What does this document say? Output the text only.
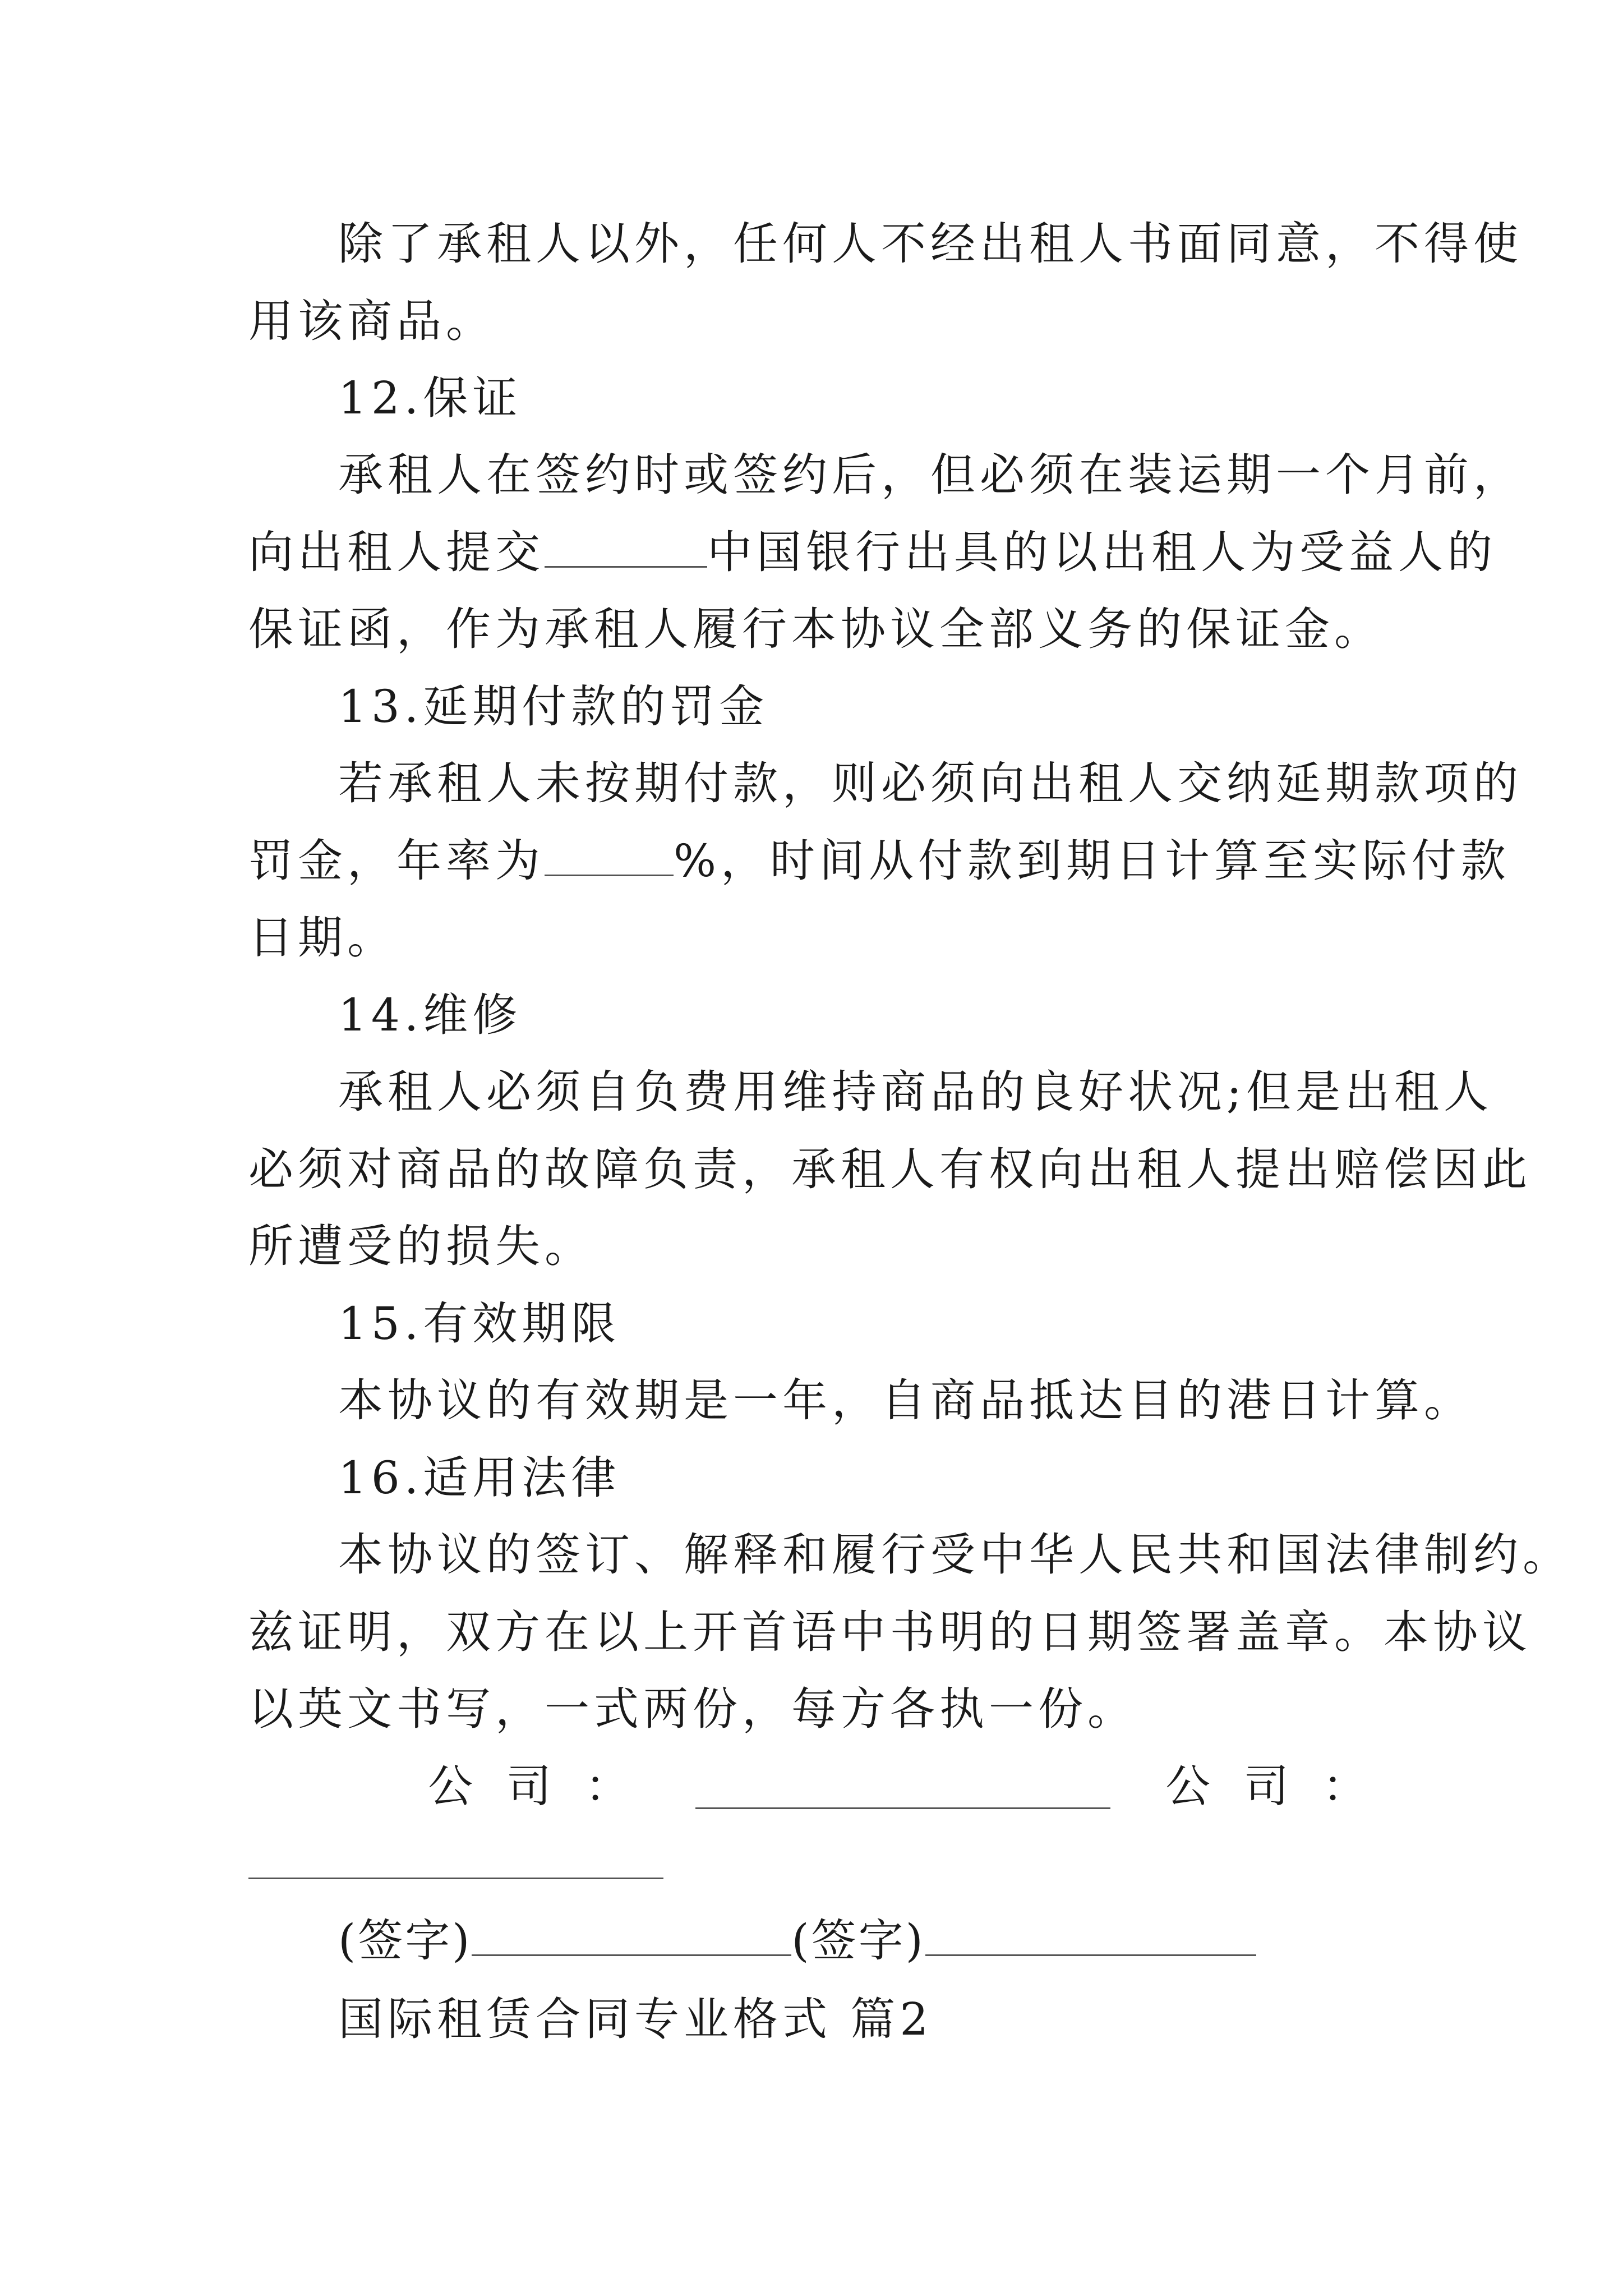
除了承租人以外，任何人不经出租人书面同意，不得使
用该商品。
12.保证
承租人在签约时或签约后，但必须在装运期一个月前，
向出租人提交	中国银行出具的以出租人为受益人的
保证函，作为承租人履行本协议全部义务的保证金。
13.延期付款的罚金
若承租人未按期付款，则必须向出租人交纳延期款项的
罚金，年率为	%，时间从付款到期日计算至实际付款
日期。
14.维修
承租人必须自负费用维持商品的良好状况;但是出租人
必须对商品的故障负责，承租人有权向出租人提出赔偿因此
所遭受的损失。
15.有效期限
本协议的有效期是一年，自商品抵达目的港日计算。
16.适用法律
本协议的签订、解释和履行受中华人民共和国法律制约。
兹证明，双方在以上开首语中书明的日期签署盖章。本协议
以英文书写，一式两份，每方各执一份。
公司：	公司：
(签字)	(签字)
国际租赁合同专业格式 篇2
